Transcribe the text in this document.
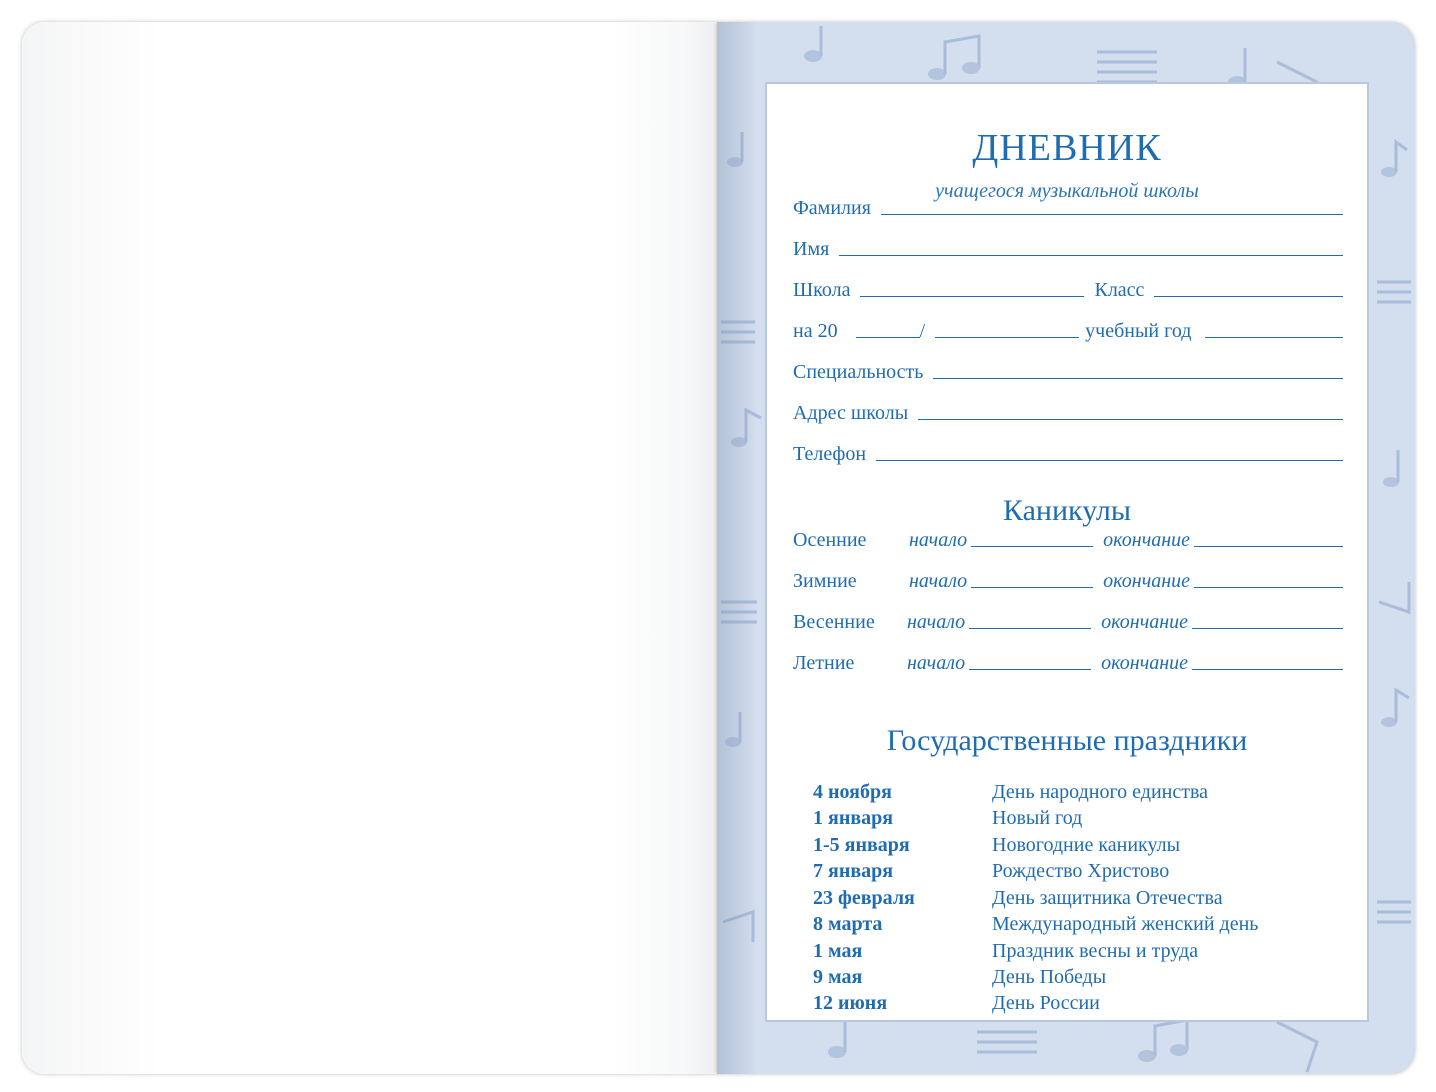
ДНЕВНИК
учащегося музыкальной школы
Фамилия
Имя
Школа	Класс
на 20	/	учебный год
Специальность
Адрес школы
Телефон
Каникулы
Осенние	начало	окончание
Зимние	начало	окончание
Весенние	начало	окончание
Летние	начало	окончание
Государственные праздники
4 ноября	День народного единства
1 января	Новый год
1-5 января	Новогодние каникулы
7 января	Рождество Христово
23 февраля	День защитника Отечества
8 марта	Международный женский день
1 мая	Праздник весны и труда
9 мая	День Победы
12 июня	День России
